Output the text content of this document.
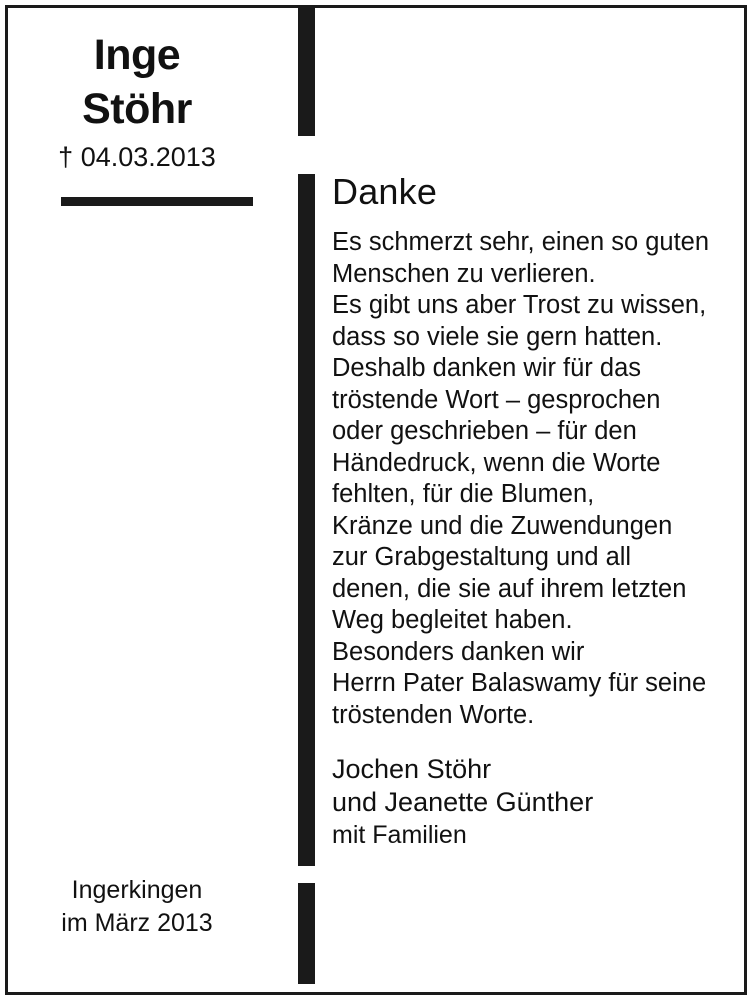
Inge
Stöhr
† 04.03.2013
Ingerkingen
im März 2013
Danke
Es schmerzt sehr, einen so guten
Menschen zu verlieren.
Es gibt uns aber Trost zu wissen,
dass so viele sie gern hatten.
Deshalb danken wir für das
tröstende Wort – gesprochen
oder geschrieben – für den
Händedruck, wenn die Worte
fehlten, für die Blumen,
Kränze und die Zuwendungen
zur Grabgestaltung und all
denen, die sie auf ihrem letzten
Weg begleitet haben.
Besonders danken wir
Herrn Pater Balaswamy für seine
tröstenden Worte.
Jochen Stöhr
und Jeanette Günther
mit Familien
